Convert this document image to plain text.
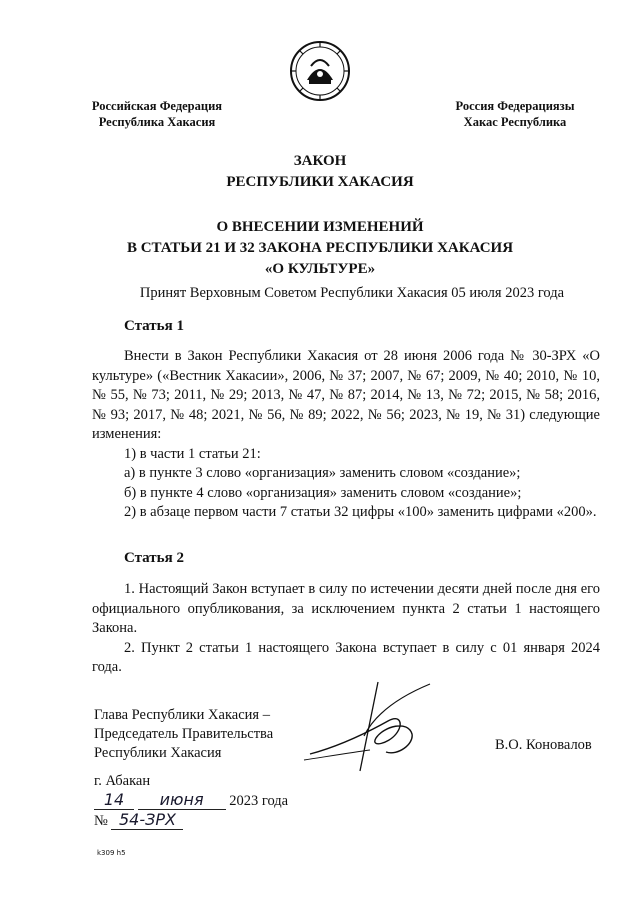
Российская Федерация
Республика Хакасия
Россия Федерациязы
Хакас Республика
ЗАКОН
РЕСПУБЛИКИ ХАКАСИЯ
О ВНЕСЕНИИ ИЗМЕНЕНИЙ
В СТАТЬИ 21 И 32 ЗАКОНА РЕСПУБЛИКИ ХАКАСИЯ
«О КУЛЬТУРЕ»
Принят Верховным Советом Республики Хакасия 05 июля 2023 года
Статья 1

Внести в Закон Республики Хакасия от 28 июня 2006 года № 30-ЗРХ «О культуре» («Вестник Хакасии», 2006, № 37; 2007, № 67; 2009, № 40; 2010, № 10, № 55, № 73; 2011, № 29; 2013, № 47, № 87; 2014, № 13, № 72; 2015, № 58; 2016, № 93; 2017, № 48; 2021, № 56, № 89; 2022, № 56; 2023, № 19, № 31) следующие изменения:

1) в части 1 статьи 21:

а) в пункте 3 слово «организация» заменить словом «создание»;

б) в пункте 4 слово «организация» заменить словом «создание»;

2) в абзаце первом части 7 статьи 32 цифры «100» заменить цифрами «200».

Статья 2

1. Настоящий Закон вступает в силу по истечении десяти дней после дня его официального опубликования, за исключением пункта 2 статьи 1 настоящего Закона.

2. Пункт 2 статьи 1 настоящего Закона вступает в силу с 01 января 2024 года.

Глава Республики Хакасия –
Председатель Правительства
Республики Хакасия	В.О. Коновалов
г. Абакан
14 июня 2023 года
№ 54-ЗРХ
k309 h5
